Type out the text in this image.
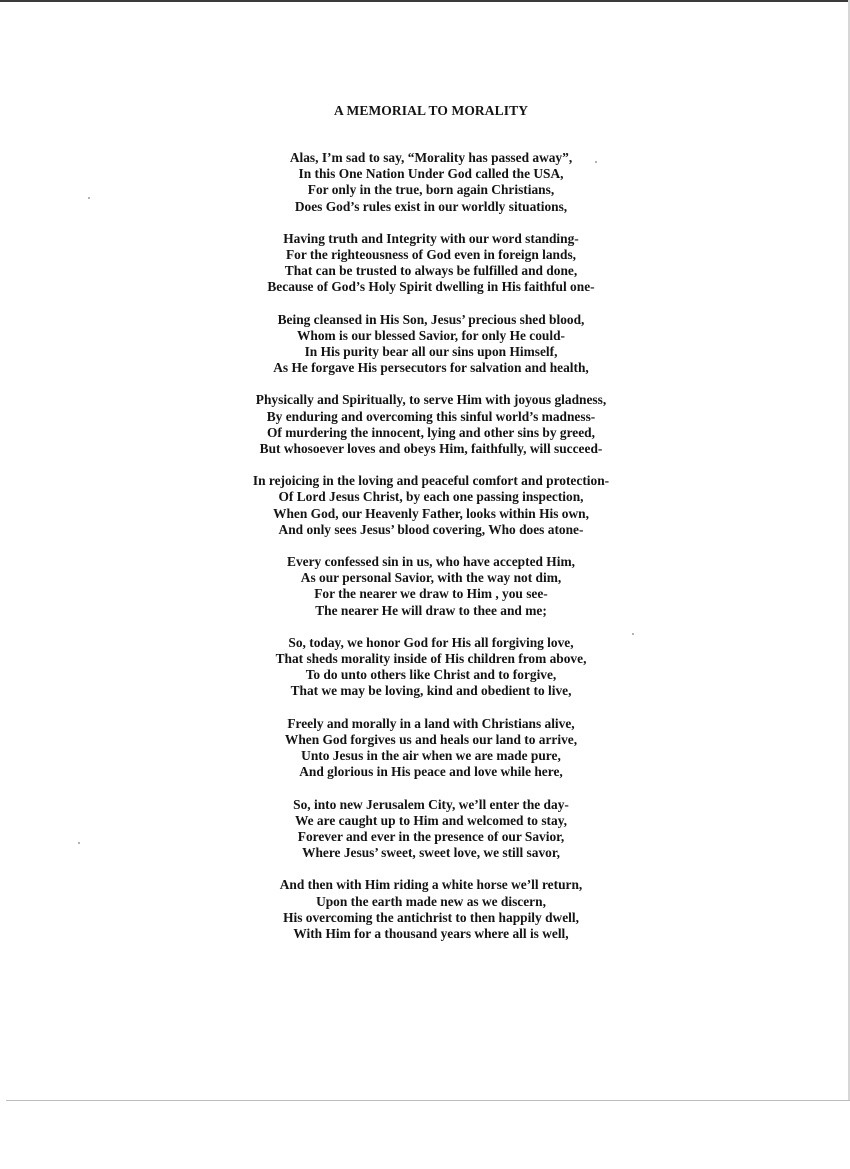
A MEMORIAL TO MORALITY
Alas, I’m sad to say, “Morality has passed away”,
In this One Nation Under God called the USA,
For only in the true, born again Christians,
Does God’s rules exist in our worldly situations,
Having truth and Integrity with our word standing-
For the righteousness of God even in foreign lands,
That can be trusted to always be fulfilled and done,
Because of God’s Holy Spirit dwelling in His faithful one-
Being cleansed in His Son, Jesus’ precious shed blood,
Whom is our blessed Savior, for only He could-
In His purity bear all our sins upon Himself,
As He forgave His persecutors for salvation and health,
Physically and Spiritually, to serve Him with joyous gladness,
By enduring and overcoming this sinful world’s madness-
Of murdering the innocent, lying and other sins by greed,
But whosoever loves and obeys Him, faithfully, will succeed-
In rejoicing in the loving and peaceful comfort and protection-
Of Lord Jesus Christ, by each one passing inspection,
When God, our Heavenly Father, looks within His own,
And only sees Jesus’ blood covering, Who does atone-
Every confessed sin in us, who have accepted Him,
As our personal Savior, with the way not dim,
For the nearer we draw to Him , you see-
The nearer He will draw to thee and me;
So, today, we honor God for His all forgiving love,
That sheds morality inside of His children from above,
To do unto others like Christ and to forgive,
That we may be loving, kind and obedient to live,
Freely and morally in a land with Christians alive,
When God forgives us and heals our land to arrive,
Unto Jesus in the air when we are made pure,
And glorious in His peace and love while here,
So, into new Jerusalem City, we’ll enter the day-
We are caught up to Him and welcomed to stay,
Forever and ever in the presence of our Savior,
Where Jesus’ sweet, sweet love, we still savor,
And then with Him riding a white horse we’ll return,
Upon the earth made new as we discern,
His overcoming the antichrist to then happily dwell,
With Him for a thousand years where all is well,
